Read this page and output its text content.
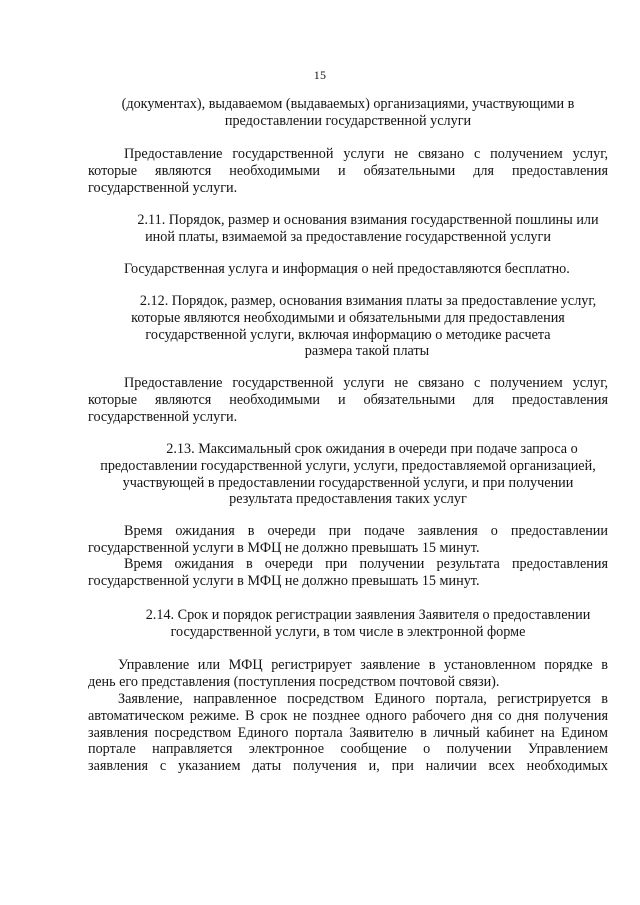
15
(документах), выдаваемом (выдаваемых) организациями, участвующими в
предоставлении государственной услуги
Предоставление государственной услуги не связано с получением услуг,
которые являются необходимыми и обязательными для предоставления
государственной услуги.
2.11. Порядок, размер и основания взимания государственной пошлины или
иной платы, взимаемой за предоставление государственной услуги
Государственная услуга и информация о ней предоставляются бесплатно.
2.12. Порядок, размер, основания взимания платы за предоставление услуг,
которые являются необходимыми и обязательными для предоставления
государственной услуги, включая информацию о методике расчета
размера такой платы
Предоставление государственной услуги не связано с получением услуг,
которые являются необходимыми и обязательными для предоставления
государственной услуги.
2.13. Максимальный срок ожидания в очереди при подаче запроса о
предоставлении государственной услуги, услуги, предоставляемой организацией,
участвующей в предоставлении государственной услуги, и при получении
результата предоставления таких услуг
Время ожидания в очереди при подаче заявления о предоставлении
государственной услуги в МФЦ не должно превышать 15 минут.
Время ожидания в очереди при получении результата предоставления
государственной услуги в МФЦ не должно превышать 15 минут.
2.14. Срок и порядок регистрации заявления Заявителя о предоставлении
государственной услуги, в том числе в электронной форме
Управление или МФЦ регистрирует заявление в установленном порядке в
день его представления (поступления посредством почтовой связи).
Заявление, направленное посредством Единого портала, регистрируется в
автоматическом режиме. В срок не позднее одного рабочего дня со дня получения
заявления посредством Единого портала Заявителю в личный кабинет на Едином
портале направляется электронное сообщение о получении Управлением
заявления с указанием даты получения и, при наличии всех необходимых
